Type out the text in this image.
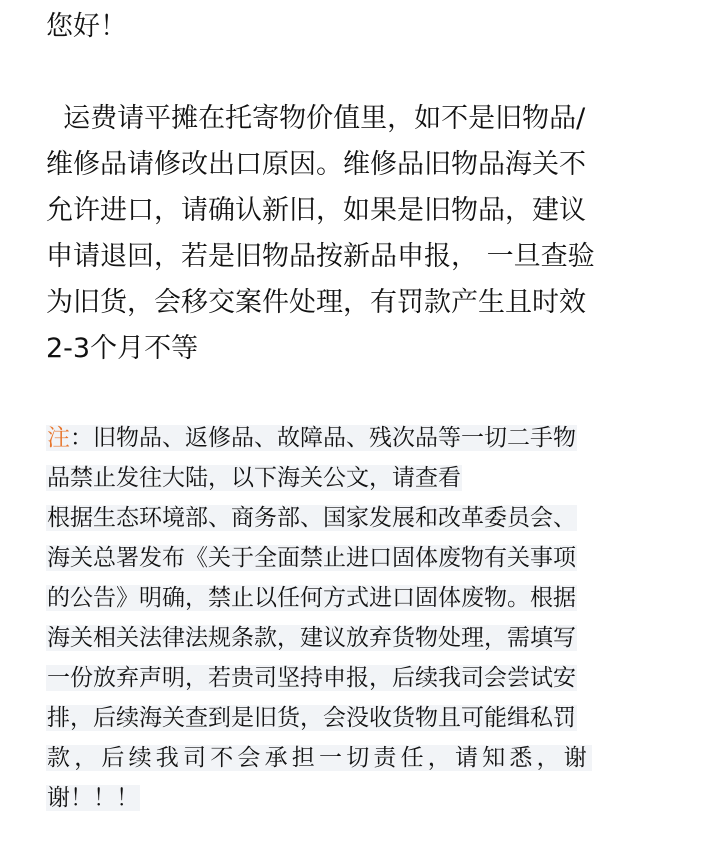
您好！

运费请平摊在托寄物价值里，如不是旧物品/
维修品请修改出口原因。维修品旧物品海关不
允许进口，请确认新旧，如果是旧物品，建议
申请退回，若是旧物品按新品申报， 一旦查验
为旧货，会移交案件处理，有罚款产生且时效
2-3个月不等
注：旧物品、返修品、故障品、残次品等一切二手物
品禁止发往大陆，以下海关公文，请查看
根据生态环境部、商务部、国家发展和改革委员会、
海关总署发布《关于全面禁止进口固体废物有关事项
的公告》明确，禁止以任何方式进口固体废物。根据
海关相关法律法规条款，建议放弃货物处理，需填写
一份放弃声明，若贵司坚持申报，后续我司会尝试安
排，后续海关查到是旧货，会没收货物且可能缉私罚
款，后续我司不会承担一切责任，请知悉，谢
谢！！！
